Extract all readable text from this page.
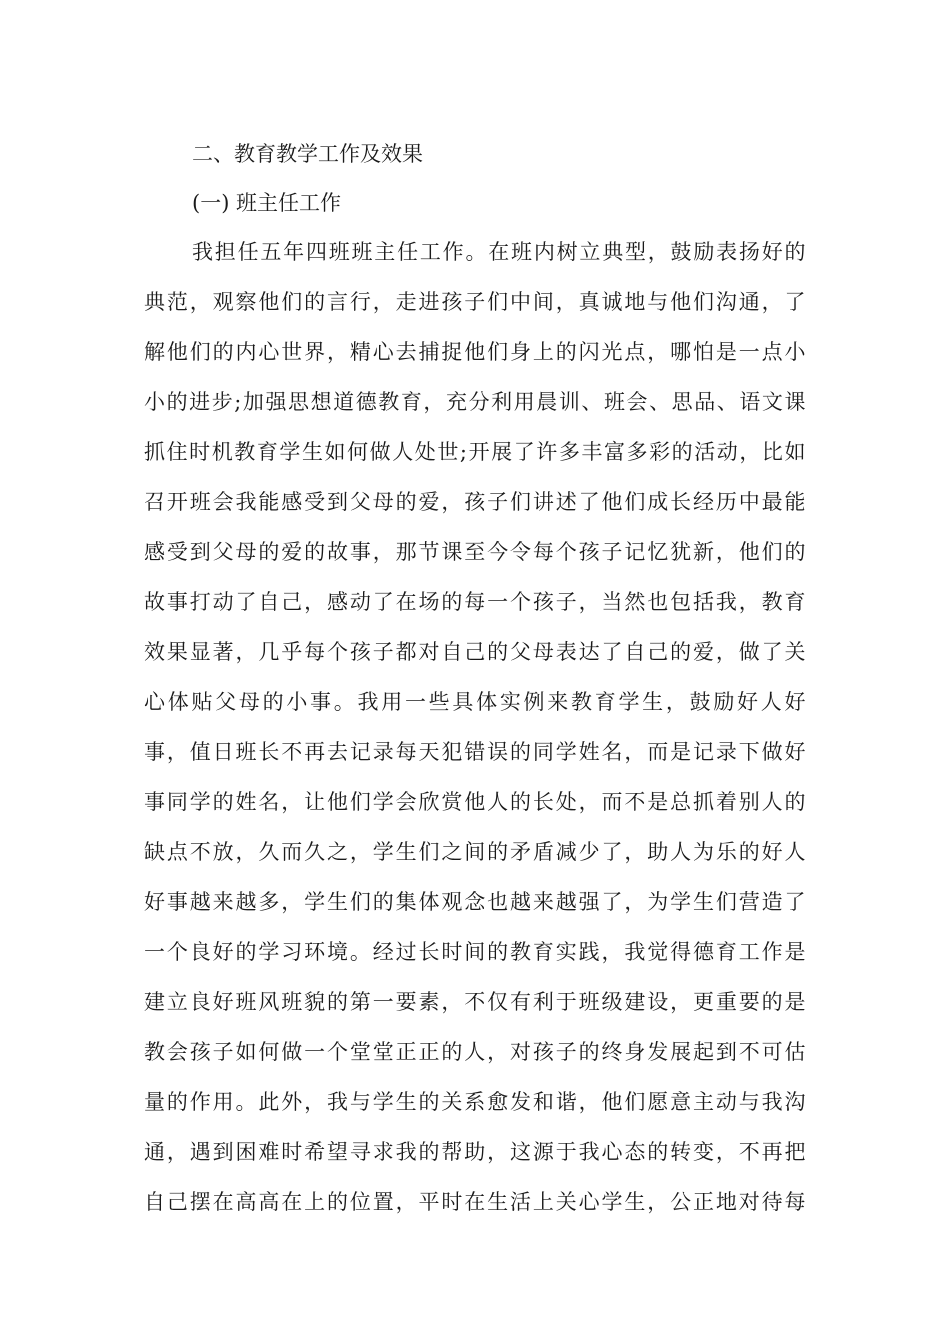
二、教育教学工作及效果
(一) 班主任工作
我担任五年四班班主任工作。在班内树立典型，鼓励表扬好的
典范，观察他们的言行，走进孩子们中间，真诚地与他们沟通，了
解他们的内心世界，精心去捕捉他们身上的闪光点，哪怕是一点小
小的进步;加强思想道德教育，充分利用晨训、班会、思品、语文课
抓住时机教育学生如何做人处世;开展了许多丰富多彩的活动，比如
召开班会我能感受到父母的爱，孩子们讲述了他们成长经历中最能
感受到父母的爱的故事，那节课至今令每个孩子记忆犹新，他们的
故事打动了自己，感动了在场的每一个孩子，当然也包括我，教育
效果显著，几乎每个孩子都对自己的父母表达了自己的爱，做了关
心体贴父母的小事。我用一些具体实例来教育学生，鼓励好人好
事，值日班长不再去记录每天犯错误的同学姓名，而是记录下做好
事同学的姓名，让他们学会欣赏他人的长处，而不是总抓着别人的
缺点不放，久而久之，学生们之间的矛盾减少了，助人为乐的好人
好事越来越多，学生们的集体观念也越来越强了，为学生们营造了
一个良好的学习环境。经过长时间的教育实践，我觉得德育工作是
建立良好班风班貌的第一要素，不仅有利于班级建设，更重要的是
教会孩子如何做一个堂堂正正的人，对孩子的终身发展起到不可估
量的作用。此外，我与学生的关系愈发和谐，他们愿意主动与我沟
通，遇到困难时希望寻求我的帮助，这源于我心态的转变，不再把
自己摆在高高在上的位置，平时在生活上关心学生，公正地对待每
